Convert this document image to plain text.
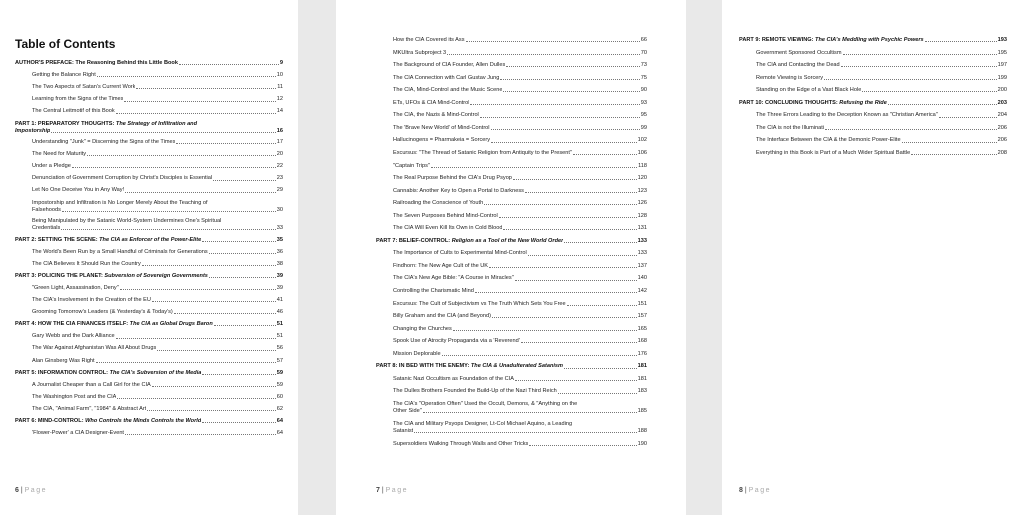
Table of Contents
AUTHOR'S PREFACE: The Reasoning Behind this Little Book	9
Getting the Balance Right	10
The Two Aspects of Satan's Current Work	11
Learning from the Signs of the Times	12
The Central Leitmotif of this Book	14
PART 1: PREPARATORY THOUGHTS: The Strategy of Infiltration and
Impostorship	16
Understanding "Junk" = Discerning the Signs of the Times	17
The Need for Maturity	20
Under a Pledge	22
Denunciation of Government Corruption by Christ's Disciples is Essential	23
Let No One Deceive You in Any Way!	29
Impostorship and Infiltration is No Longer Merely About the Teaching of
Falsehoods	30
Being Manipulated by the Satanic World-System Undermines One's Spiritual
Credentials	33
PART 2: SETTING THE SCENE: The CIA as Enforcer of the Power-Elite	35
The World's Been Run by a Small Handful of Criminals for Generations	36
The CIA Believes It Should Run the Country	38
PART 3: POLICING THE PLANET: Subversion of Sovereign Governments	39
"Green Light, Assassination, Deny"	39
The CIA's Involvement in the Creation of the EU	41
Grooming Tomorrow's Leaders (& Yesterday's & Today's)	46
PART 4: HOW THE CIA FINANCES ITSELF: The CIA as Global Drugs Baron	51
Gary Webb and the Dark Alliance	51
The War Against Afghanistan Was All About Drugs	56
Alan Ginsberg Was Right	57
PART 5: INFORMATION CONTROL: The CIA's Subversion of the Media	59
A Journalist Cheaper than a Call Girl for the CIA	59
The Washington Post and the CIA	60
The CIA, "Animal Farm", "1984" & Abstract Art	62
PART 6: MIND-CONTROL: Who Controls the Minds Controls the World	64
'Flower-Power' a CIA Designer-Event	64
6 | Page
How the CIA Covered its Ass	66
MKUltra Subproject 3	70
The Background of CIA Founder, Allen Dulles	73
The CIA Connection with Carl Gustav Jung	75
The CIA, Mind-Control and the Music Scene	90
ETs, UFOs & CIA Mind-Control	93
The CIA, the Nazis & Mind-Control	95
The 'Brave New World' of Mind-Control	99
Hallucinogens = Pharmakeia = Sorcery	102
Excursus: "The Thread of Satanic Religion from Antiquity to the Present"	106
"Captain Trips"	118
The Real Purpose Behind the CIA's Drug Psyop	120
Cannabis: Another Key to Open a Portal to Darkness	123
Railroading the Conscience of Youth	126
The Seven Purposes Behind Mind-Control	128
The CIA Will Even Kill Its Own in Cold Blood	131
PART 7: BELIEF-CONTROL: Religion as a Tool of the New World Order	133
The Importance of Cults to Experimental Mind-Control	133
Findhorn: The New Age Cult of the UK	137
The CIA's New Age Bible: "A Course in Miracles"	140
Controlling the Charismatic Mind	142
Excursus: The Cult of Subjectivism vs The Truth Which Sets You Free	151
Billy Graham and the CIA (and Beyond)	157
Changing the Churches	165
Spook Use of Atrocity Propaganda via a 'Reverend'	168
Mission Deplorable	176
PART 8: IN BED WITH THE ENEMY: The CIA & Unadulterated Satanism	181
Satanic Nazi Occultism as Foundation of the CIA	181
The Dulles Brothers Founded the Build-Up of the Nazi Third Reich	183
The CIA's "Operation Often" Used the Occult, Demons, & "Anything on the
Other Side"	185
The CIA and Military Psyops Designer, Lt-Col Michael Aquino, a Leading
Satanist	188
Supersoldiers Walking Through Walls and Other Tricks	190
7 | Page
PART 9: REMOTE VIEWING: The CIA's Meddling with Psychic Powers	193
Government Sponsored Occultism	195
The CIA and Contacting the Dead	197
Remote Viewing is Sorcery	199
Standing on the Edge of a Vast Black Hole	200
PART 10: CONCLUDING THOUGHTS: Refusing the Ride	203
The Three Errors Leading to the Deception Known as "Christian America"	204
The CIA is not the Illuminati	206
The Interface Between the CIA & the Demonic Power-Elite	206
Everything in this Book is Part of a Much Wider Spiritual Battle	208
8 | Page
